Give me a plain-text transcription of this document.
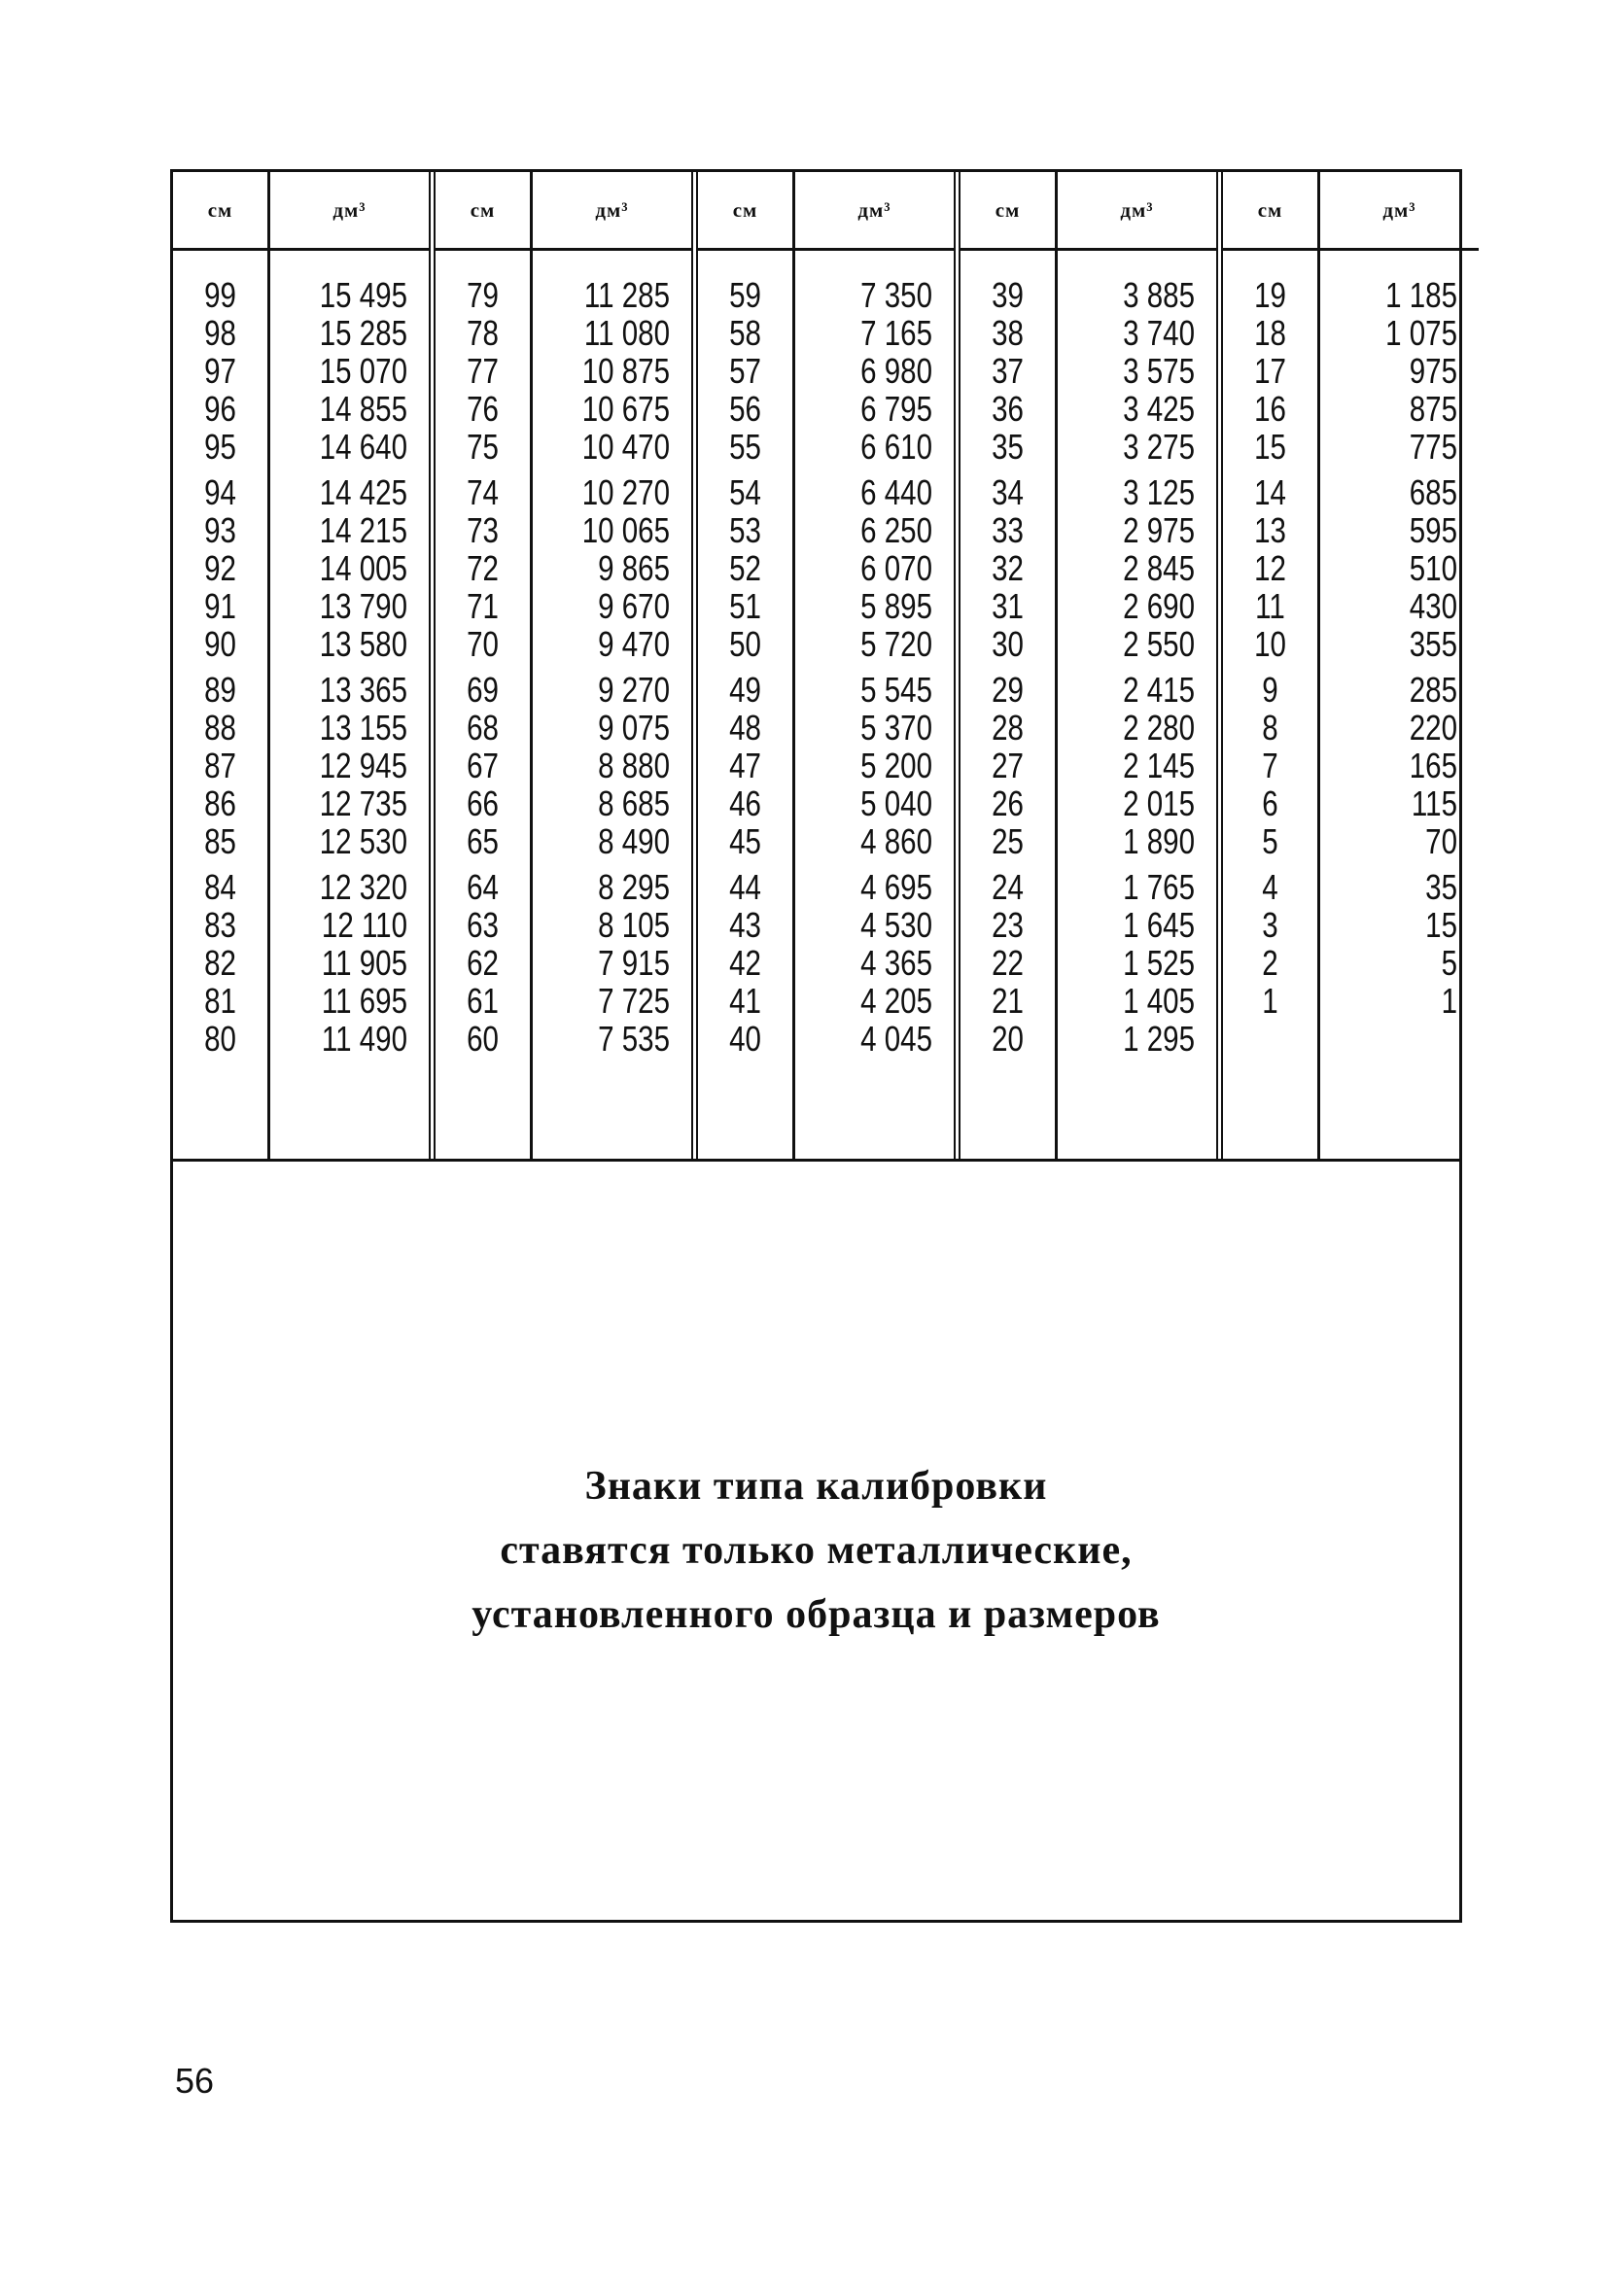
см
99
98
97
96
95
94
93
92
91
90
89
88
87
86
85
84
83
82
81
80
дм³
15 495
15 285
15 070
14 855
14 640
14 425
14 215
14 005
13 790
13 580
13 365
13 155
12 945
12 735
12 530
12 320
12 110
11 905
11 695
11 490
см
79
78
77
76
75
74
73
72
71
70
69
68
67
66
65
64
63
62
61
60
дм³
11 285
11 080
10 875
10 675
10 470
10 270
10 065
9 865
9 670
9 470
9 270
9 075
8 880
8 685
8 490
8 295
8 105
7 915
7 725
7 535
см
59
58
57
56
55
54
53
52
51
50
49
48
47
46
45
44
43
42
41
40
дм³
7 350
7 165
6 980
6 795
6 610
6 440
6 250
6 070
5 895
5 720
5 545
5 370
5 200
5 040
4 860
4 695
4 530
4 365
4 205
4 045
см
39
38
37
36
35
34
33
32
31
30
29
28
27
26
25
24
23
22
21
20
дм³
3 885
3 740
3 575
3 425
3 275
3 125
2 975
2 845
2 690
2 550
2 415
2 280
2 145
2 015
1 890
1 765
1 645
1 525
1 405
1 295
см
19
18
17
16
15
14
13
12
11
10
9
8
7
6
5
4
3
2
1
дм³
1 185
1 075
975
875
775
685
595
510
430
355
285
220
165
115
70
35
15
5
1
Знаки типа калибровки
ставятся только металлические,
установленного образца и размеров
56
